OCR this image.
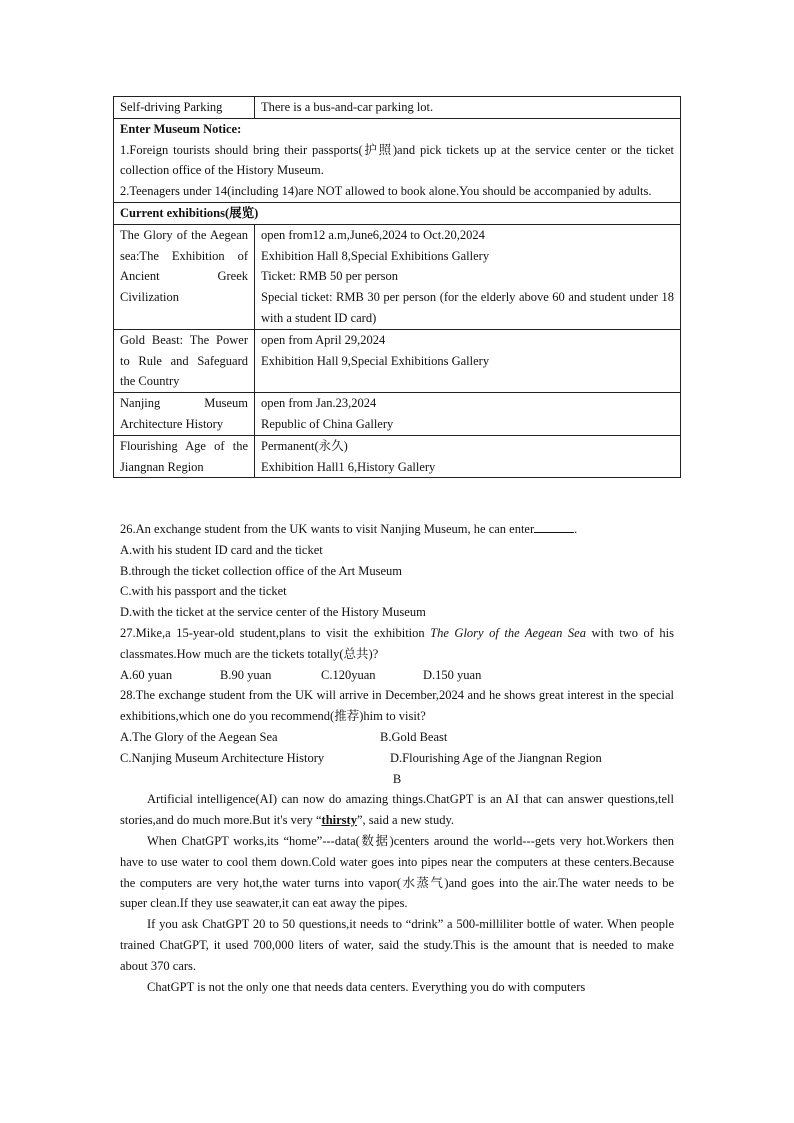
Self-driving Parking	There is a bus-and-car parking lot.

Enter Museum Notice:
1.Foreign tourists should bring their passports(护照)and pick tickets up at the service center or the ticket collection office of the History Museum.
2.Teenagers under 14(including 14)are NOT allowed to book alone.You should be accompanied by adults.	

Current exhibitions(展览)	
The Glory of the Aegean sea:The Exhibition of Ancient Greek Civilization	open from12 a.m,June6,2024 to Oct.20,2024
Exhibition Hall 8,Special Exhibitions Gallery
Ticket: RMB 50 per person
Special ticket: RMB 30 per person (for the elderly above 60 and student under 18 with a student ID card)

Gold Beast: The Power to Rule and Safeguard the Country	open from April 29,2024
Exhibition Hall 9,Special Exhibitions Gallery

Nanjing Museum Architecture History	open from Jan.23,2024
Republic of China Gallery

Flourishing Age of the Jiangnan Region	Permanent(永久)
Exhibition Hall1 6,History Gallery

26.An exchange student from the UK wants to visit Nanjing Museum, he can enter	.

A.with his student ID card and the ticket

B.through the ticket collection office of the Art Museum

C.with his passport and the ticket

D.with the ticket at the service center of the History Museum

27.Mike,a 15-year-old student,plans to visit the exhibition The Glory of the Aegean Sea with two of his classmates.How much are the tickets totally(总共)?

A.60 yuan	B.90 yuan	C.120yuan	D.150 yuan

28.The exchange student from the UK will arrive in December,2024 and he shows great interest in the special exhibitions,which one do you recommend(推荐)him to visit?

A.The Glory of the Aegean Sea	B.Gold Beast

C.Nanjing Museum Architecture History	D.Flourishing Age of the Jiangnan Region

B

Artificial intelligence(AI) can now do amazing things.ChatGPT is an AI that can answer questions,tell stories,and do much more.But it's very “thirsty”, said a new study.

When ChatGPT works,its “home”---data(数据)centers around the world---gets very hot.Workers then have to use water to cool them down.Cold water goes into pipes near the computers at these centers.Because the computers are very hot,the water turns into vapor(水蒸气)and goes into the air.The water needs to be super clean.If they use seawater,it can eat away the pipes.

If you ask ChatGPT 20 to 50 questions,it needs to “drink” a 500-milliliter bottle of water. When people trained ChatGPT, it used 700,000 liters of water, said the study.This is the amount that is needed to make about 370 cars.

ChatGPT is not the only one that needs data centers. Everything you do with computers
